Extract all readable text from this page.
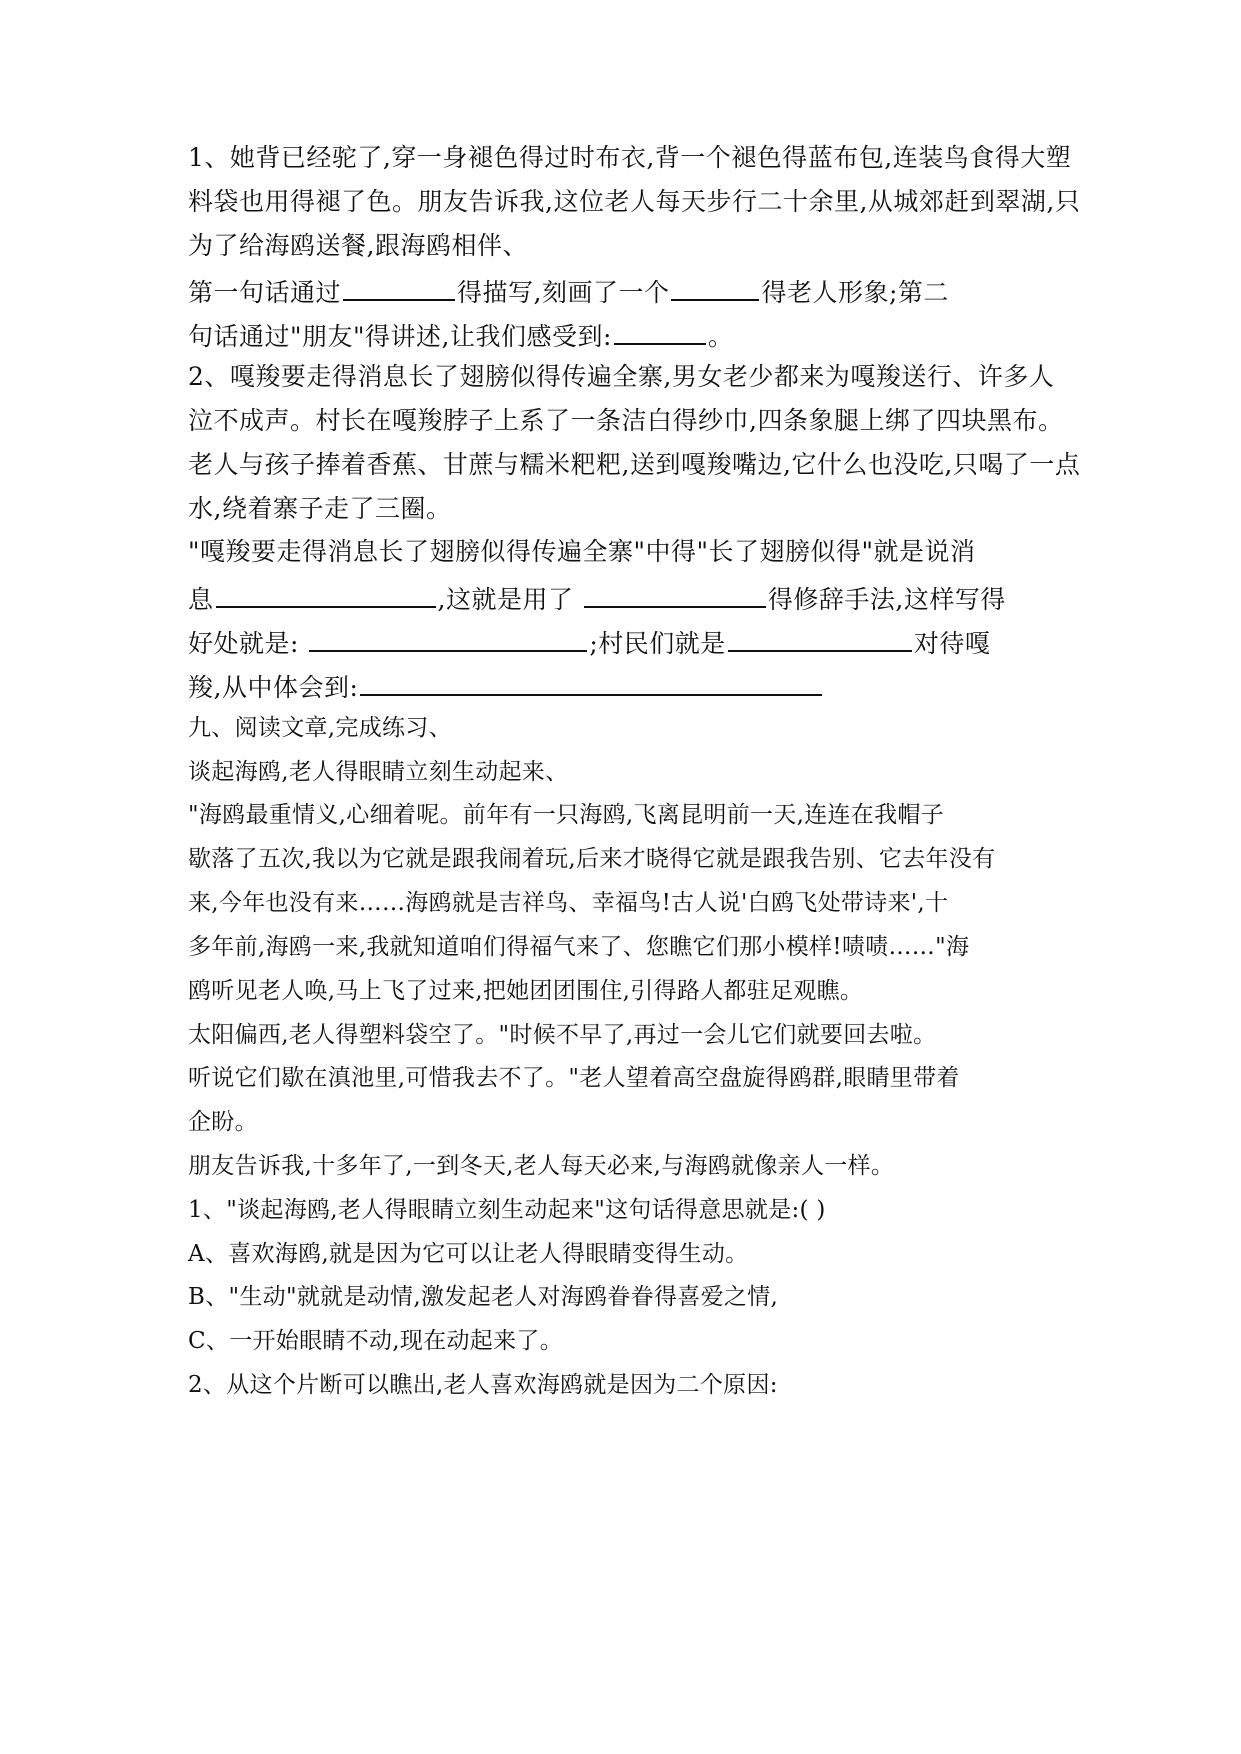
1、她背已经驼了,穿一身褪色得过时布衣,背一个褪色得蓝布包,连装鸟食得大塑
料袋也用得褪了色。朋友告诉我,这位老人每天步行二十余里,从城郊赶到翠湖,只
为了给海鸥送餐,跟海鸥相伴、
第一句话通过	得描写,刻画了一个	得老人形象;第二
句话通过"朋友"得讲述,让我们感受到:	。
2、嘎羧要走得消息长了翅膀似得传遍全寨,男女老少都来为嘎羧送行、许多人
泣不成声。村长在嘎羧脖子上系了一条洁白得纱巾,四条象腿上绑了四块黑布。
老人与孩子捧着香蕉、甘蔗与糯米粑粑,送到嘎羧嘴边,它什么也没吃,只喝了一点
水,绕着寨子走了三圈。
"嘎羧要走得消息长了翅膀似得传遍全寨"中得"长了翅膀似得"就是说消
息	,这就是用了	得修辞手法,这样写得
好处就是:	;村民们就是	对待嘎
羧,从中体会到:
九、阅读文章,完成练习、
谈起海鸥,老人得眼睛立刻生动起来、
"海鸥最重情义,心细着呢。前年有一只海鸥,飞离昆明前一天,连连在我帽子
歇落了五次,我以为它就是跟我闹着玩,后来才晓得它就是跟我告别、它去年没有
来,今年也没有来……海鸥就是吉祥鸟、幸福鸟!古人说'白鸥飞处带诗来',十
多年前,海鸥一来,我就知道咱们得福气来了、您瞧它们那小模样!啧啧……"海
鸥听见老人唤,马上飞了过来,把她团团围住,引得路人都驻足观瞧。
太阳偏西,老人得塑料袋空了。"时候不早了,再过一会儿它们就要回去啦。
听说它们歇在滇池里,可惜我去不了。"老人望着高空盘旋得鸥群,眼睛里带着
企盼。
朋友告诉我,十多年了,一到冬天,老人每天必来,与海鸥就像亲人一样。
1、"谈起海鸥,老人得眼睛立刻生动起来"这句话得意思就是:( )
A、喜欢海鸥,就是因为它可以让老人得眼睛变得生动。
B、"生动"就就是动情,激发起老人对海鸥眷眷得喜爱之情,
C、一开始眼睛不动,现在动起来了。
2、从这个片断可以瞧出,老人喜欢海鸥就是因为二个原因:
